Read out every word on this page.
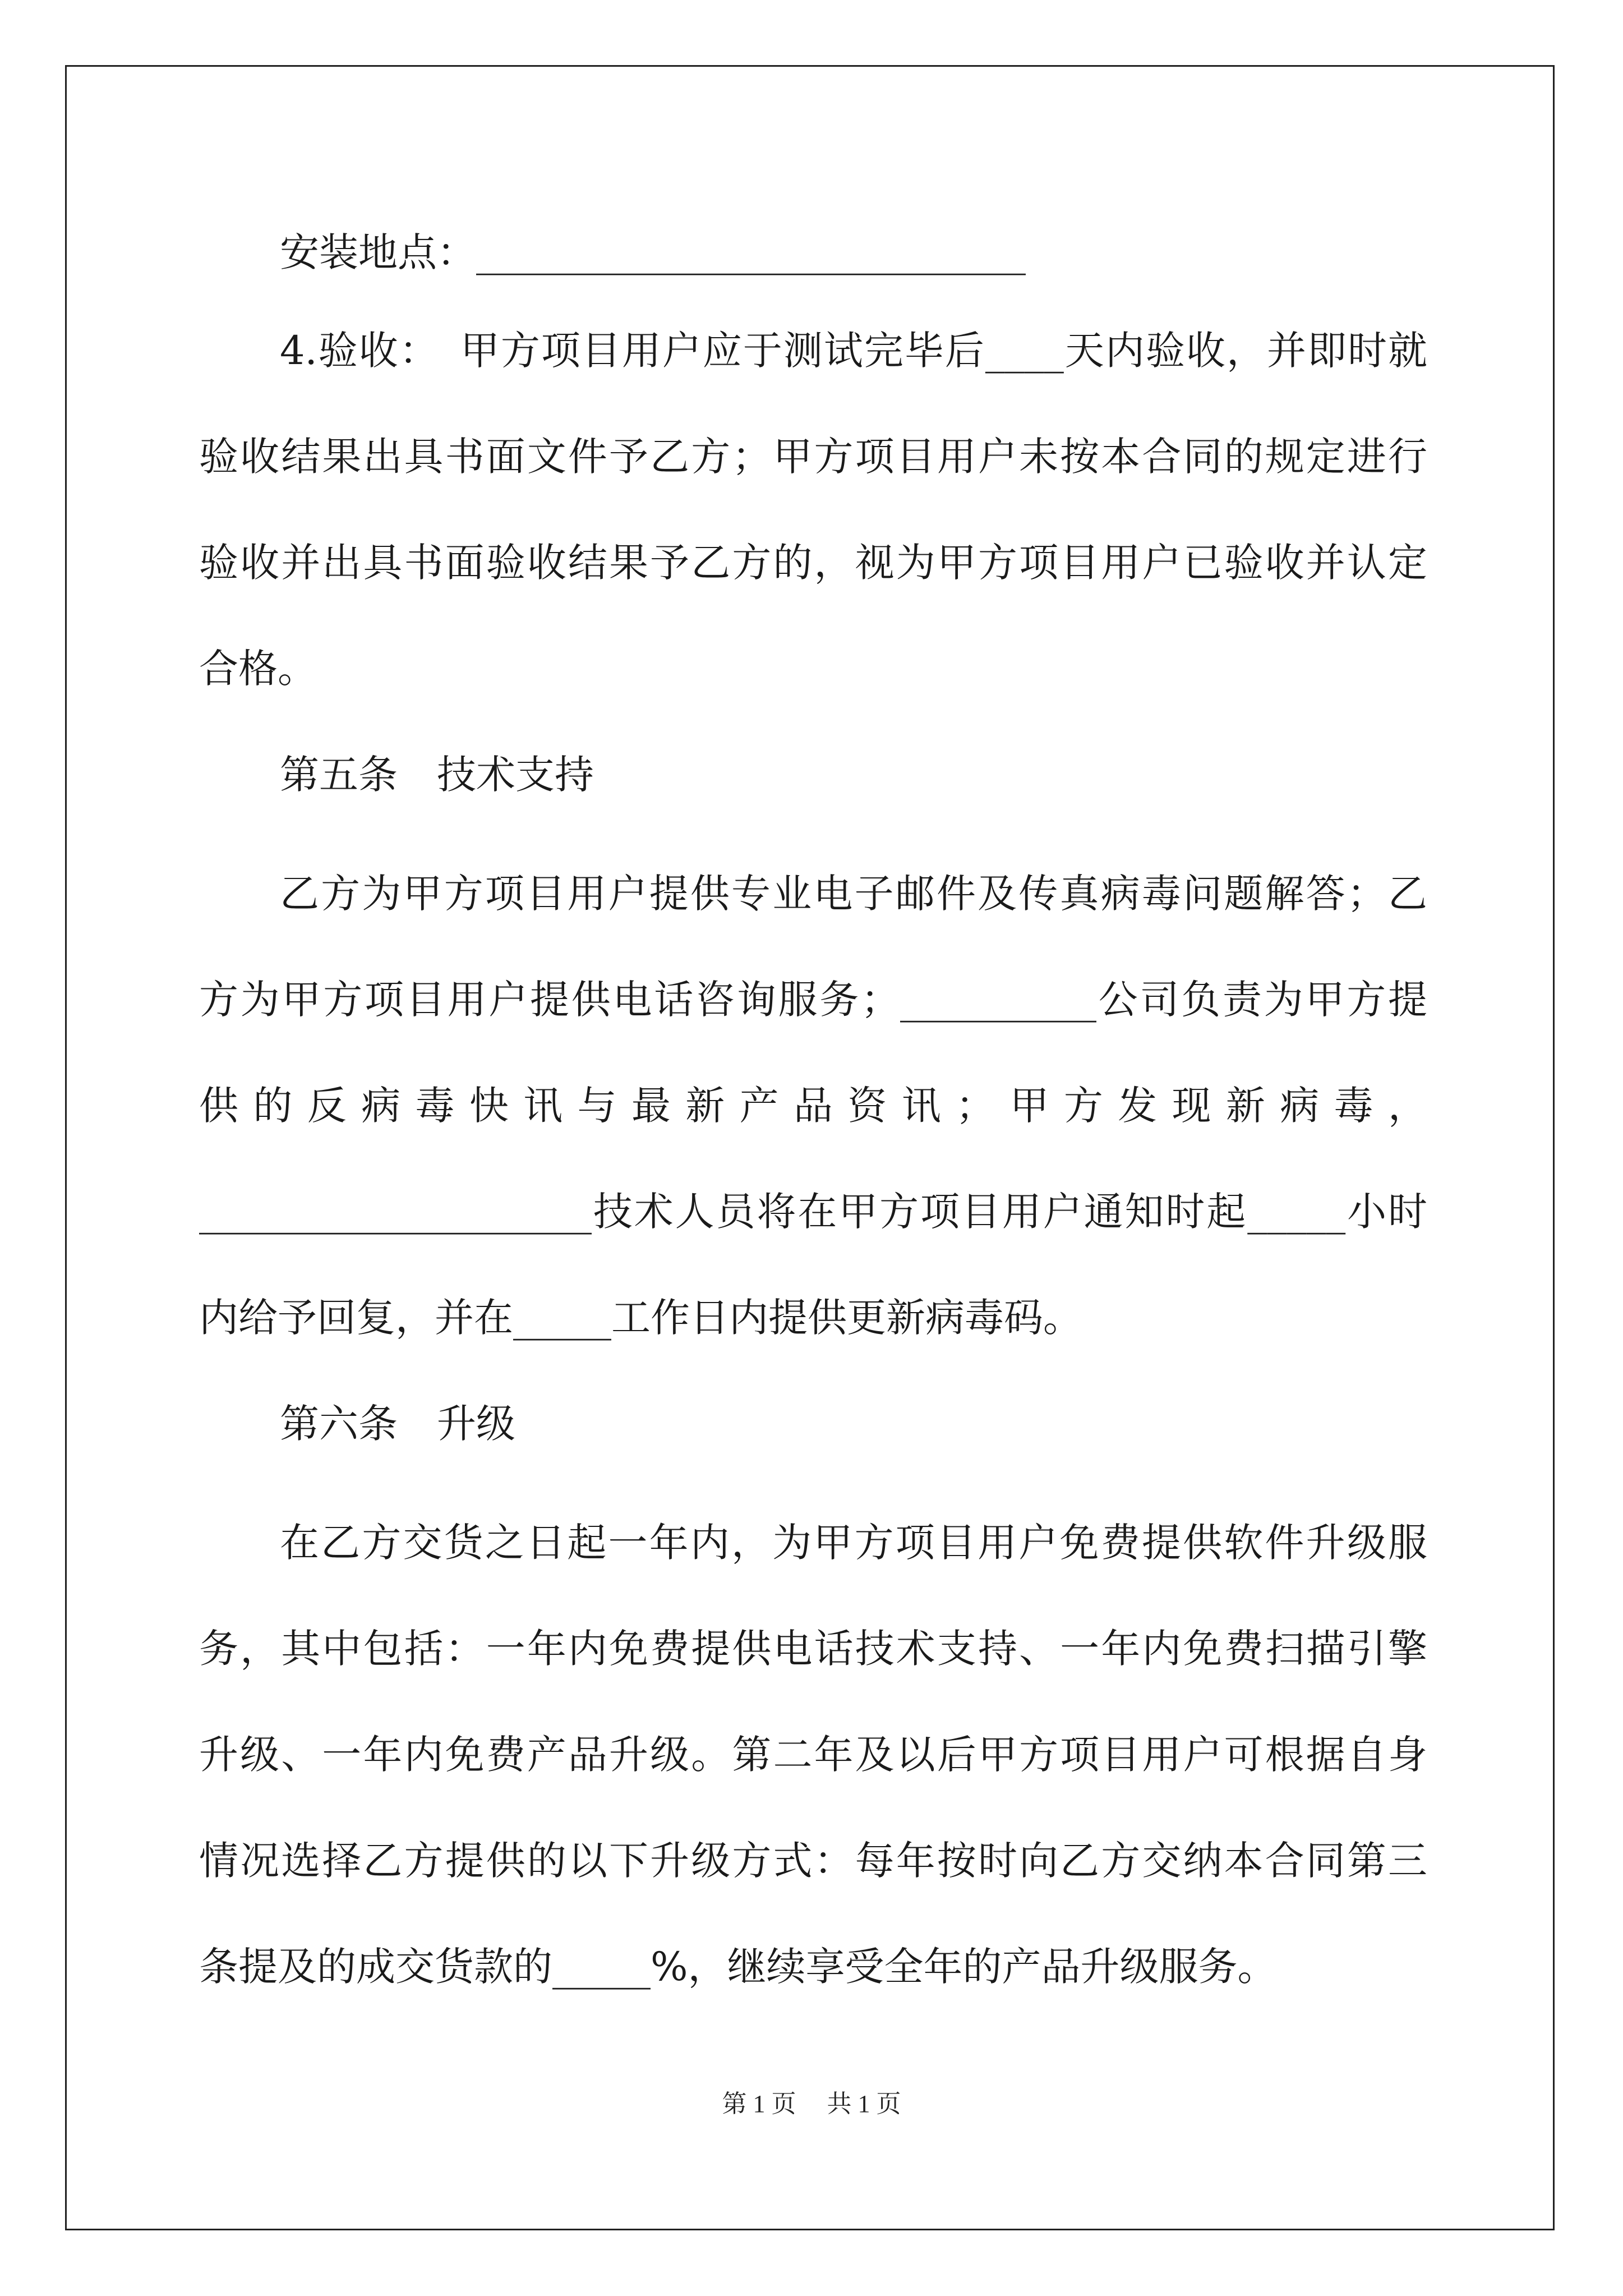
安装地点：____________________________
4.验收：　甲方项目用户应于测试完毕后____天内验收，并即时就
验收结果出具书面文件予乙方；甲方项目用户未按本合同的规定进行
验收并出具书面验收结果予乙方的，视为甲方项目用户已验收并认定
合格。
第五条　技术支持
乙方为甲方项目用户提供专业电子邮件及传真病毒问题解答；乙
方为甲方项目用户提供电话咨询服务；__________公司负责为甲方提
供的反病毒快讯与最新产品资讯；甲方发现新病毒，
____________________技术人员将在甲方项目用户通知时起_____小时
内给予回复，并在_____工作日内提供更新病毒码。
第六条　升级
在乙方交货之日起一年内，为甲方项目用户免费提供软件升级服
务，其中包括：一年内免费提供电话技术支持、一年内免费扫描引擎
升级、一年内免费产品升级。第二年及以后甲方项目用户可根据自身
情况选择乙方提供的以下升级方式：每年按时向乙方交纳本合同第三
条提及的成交货款的_____%，继续享受全年的产品升级服务。
第 1 页　 共 1 页
